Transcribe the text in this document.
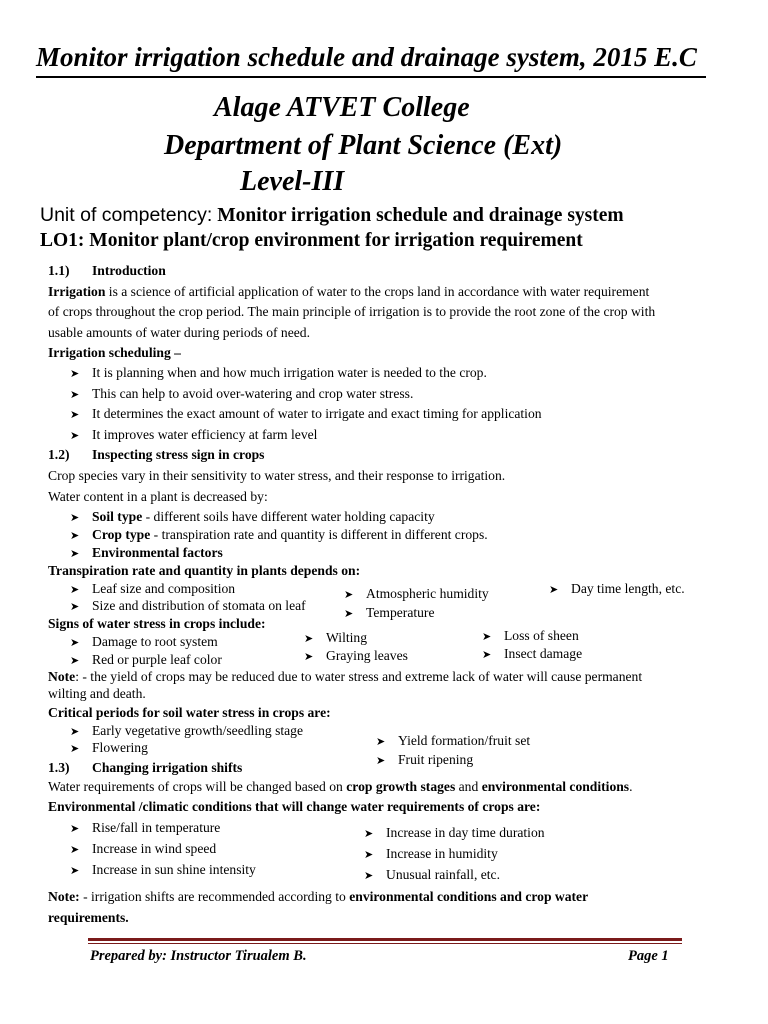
Monitor irrigation schedule and drainage system, 2015 E.C
Alage ATVET College
Department of Plant Science (Ext)
Level-III
Unit of competency: Monitor irrigation schedule and drainage system
LO1: Monitor plant/crop environment for irrigation requirement
1.1) Introduction
Irrigation is a science of artificial application of water to the crops land in accordance with water requirement
of crops throughout the crop period. The main principle of irrigation is to provide the root zone of the crop with
usable amounts of water during periods of need.
Irrigation scheduling –
➤ It is planning when and how much irrigation water is needed to the crop.
➤ This can help to avoid over-watering and crop water stress.
➤ It determines the exact amount of water to irrigate and exact timing for application
➤ It improves water efficiency at farm level
1.2) Inspecting stress sign in crops
Crop species vary in their sensitivity to water stress, and their response to irrigation.
Water content in a plant is decreased by:
➤ Soil type - different soils have different water holding capacity
➤ Crop type - transpiration rate and quantity is different in different crops.
➤ Environmental factors
Transpiration rate and quantity in plants depends on:
➤ Leaf size and composition
➤ Size and distribution of stomata on leaf
➤ Atmospheric humidity
➤ Temperature
➤ Day time length, etc.
Signs of water stress in crops include:
➤ Damage to root system
➤ Red or purple leaf color
➤ Wilting
➤ Graying leaves
➤ Loss of sheen
➤ Insect damage
Note: - the yield of crops may be reduced due to water stress and extreme lack of water will cause permanent
wilting and death.
Critical periods for soil water stress in crops are:
➤ Early vegetative growth/seedling stage
➤ Flowering	➤ Yield formation/fruit set
➤ Fruit ripening
1.3) Changing irrigation shifts
Water requirements of crops will be changed based on crop growth stages and environmental conditions.
Environmental /climatic conditions that will change water requirements of crops are:
➤ Rise/fall in temperature
➤ Increase in wind speed
➤ Increase in sun shine intensity
➤ Increase in day time duration
➤ Increase in humidity
➤ Unusual rainfall, etc.
Note: - irrigation shifts are recommended according to environmental conditions and crop water
requirements.
Prepared by: Instructor Tirualem B.	Page 1
